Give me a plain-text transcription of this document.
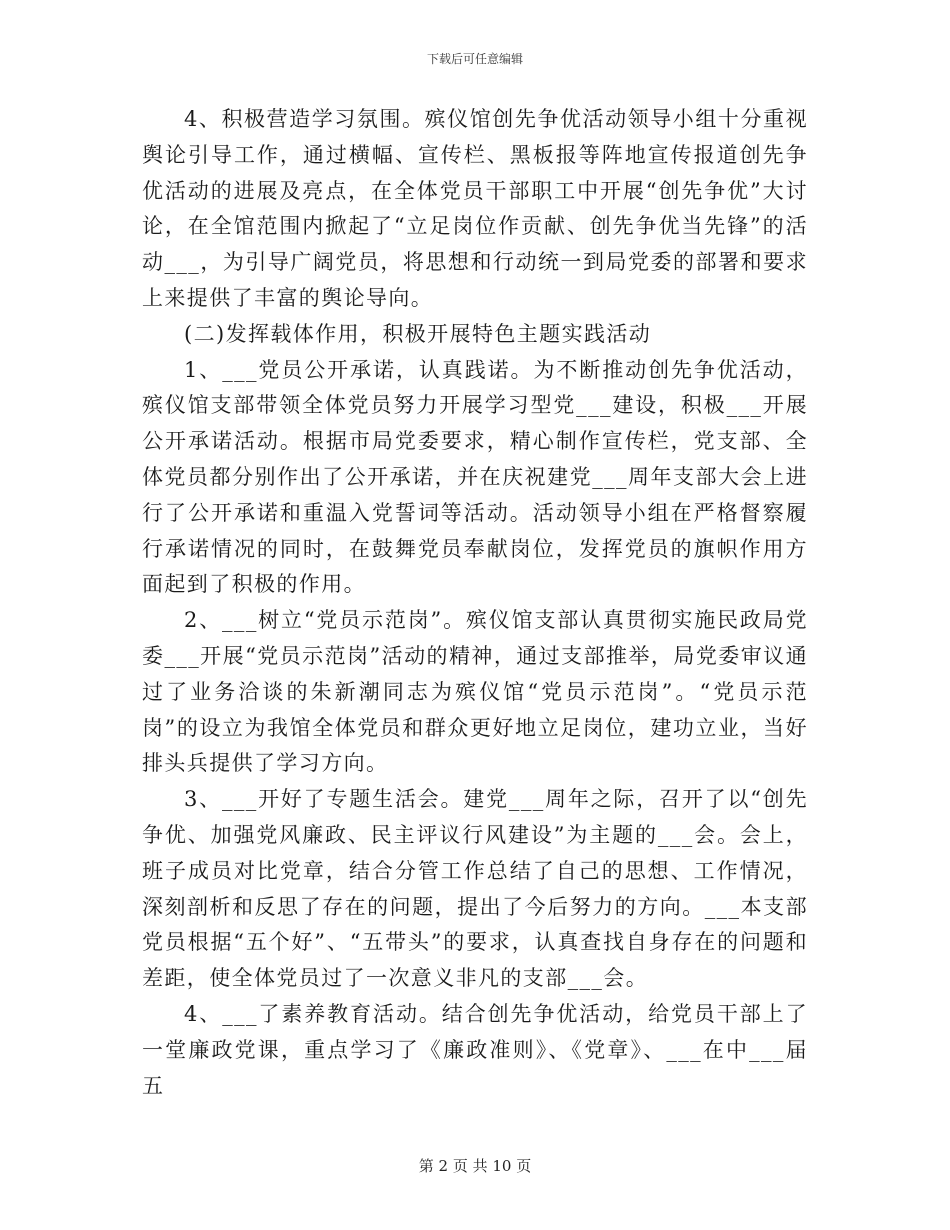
下载后可任意编辑

4、积极营造学习氛围。殡仪馆创先争优活动领导小组十分重视舆论引导工作，通过横幅、宣传栏、黑板报等阵地宣传报道创先争优活动的进展及亮点，在全体党员干部职工中开展“创先争优”大讨论，在全馆范围内掀起了“立足岗位作贡献、创先争优当先锋”的活动___，为引导广阔党员，将思想和行动统一到局党委的部署和要求上来提供了丰富的舆论导向。

(二)发挥载体作用，积极开展特色主题实践活动

1、___党员公开承诺，认真践诺。为不断推动创先争优活动，殡仪馆支部带领全体党员努力开展学习型党___建设，积极___开展公开承诺活动。根据市局党委要求，精心制作宣传栏，党支部、全体党员都分别作出了公开承诺，并在庆祝建党___周年支部大会上进行了公开承诺和重温入党誓词等活动。活动领导小组在严格督察履行承诺情况的同时，在鼓舞党员奉献岗位，发挥党员的旗帜作用方面起到了积极的作用。

2、___树立“党员示范岗”。殡仪馆支部认真贯彻实施民政局党委___开展“党员示范岗”活动的精神，通过支部推举，局党委审议通过了业务洽谈的朱新潮同志为殡仪馆“党员示范岗”。“党员示范岗”的设立为我馆全体党员和群众更好地立足岗位，建功立业，当好排头兵提供了学习方向。

3、___开好了专题生活会。建党___周年之际，召开了以“创先争优、加强党风廉政、民主评议行风建设”为主题的___会。会上，班子成员对比党章，结合分管工作总结了自己的思想、工作情况，深刻剖析和反思了存在的问题，提出了今后努力的方向。___本支部党员根据“五个好”、“五带头”的要求，认真查找自身存在的问题和差距，使全体党员过了一次意义非凡的支部___会。

4、___了素养教育活动。结合创先争优活动，给党员干部上了一堂廉政党课，重点学习了《廉政准则》、《党章》、___在中___届五

第 2 页 共 10 页
